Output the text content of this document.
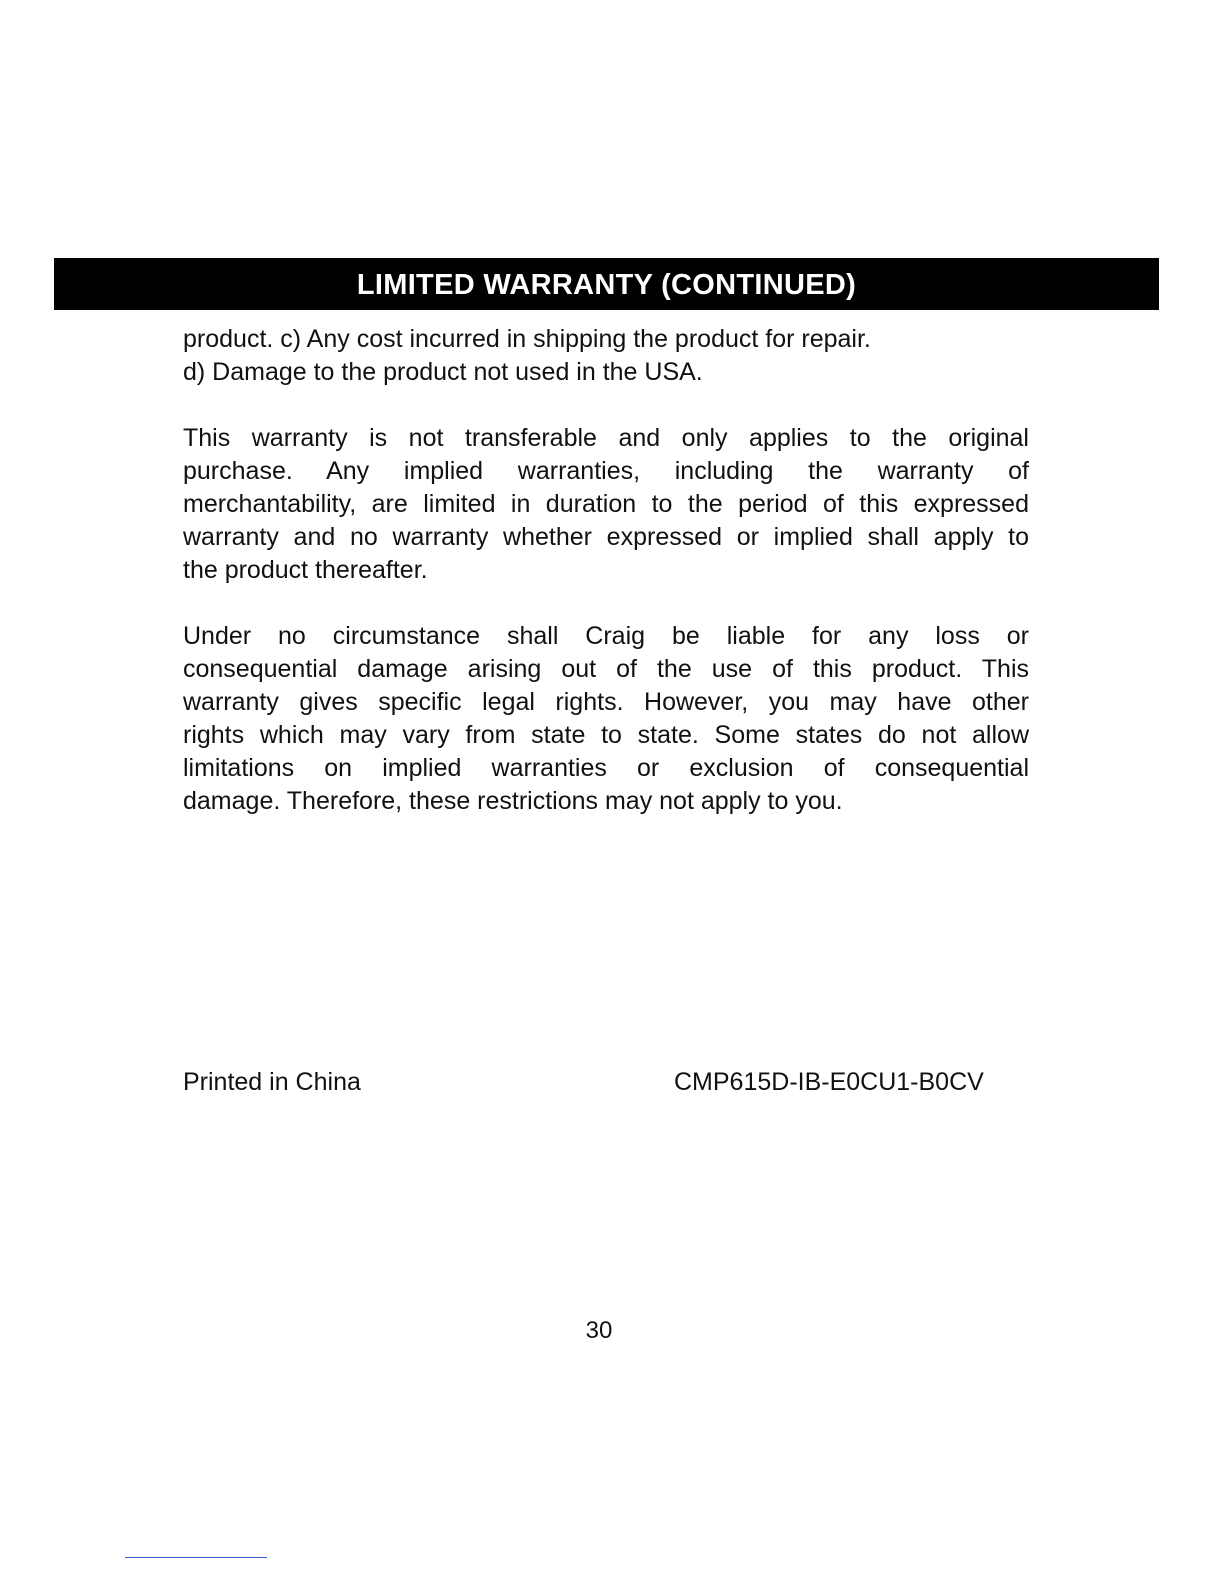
LIMITED WARRANTY (CONTINUED)

product. c) Any cost incurred in shipping the product for repair.
d) Damage to the product not used in the USA.

This warranty is not transferable and only applies to the original
purchase. Any implied warranties, including the warranty of
merchantability, are limited in duration to the period of this expressed
warranty and no warranty whether expressed or implied shall apply to
the product thereafter.

Under no circumstance shall Craig be liable for any loss or
consequential damage arising out of the use of this product. This
warranty gives specific legal rights. However, you may have other
rights which may vary from state to state. Some states do not allow
limitations on implied warranties or exclusion of consequential
damage. Therefore, these restrictions may not apply to you.

Printed in China	CMP615D-IB-E0CU1-B0CV
30
